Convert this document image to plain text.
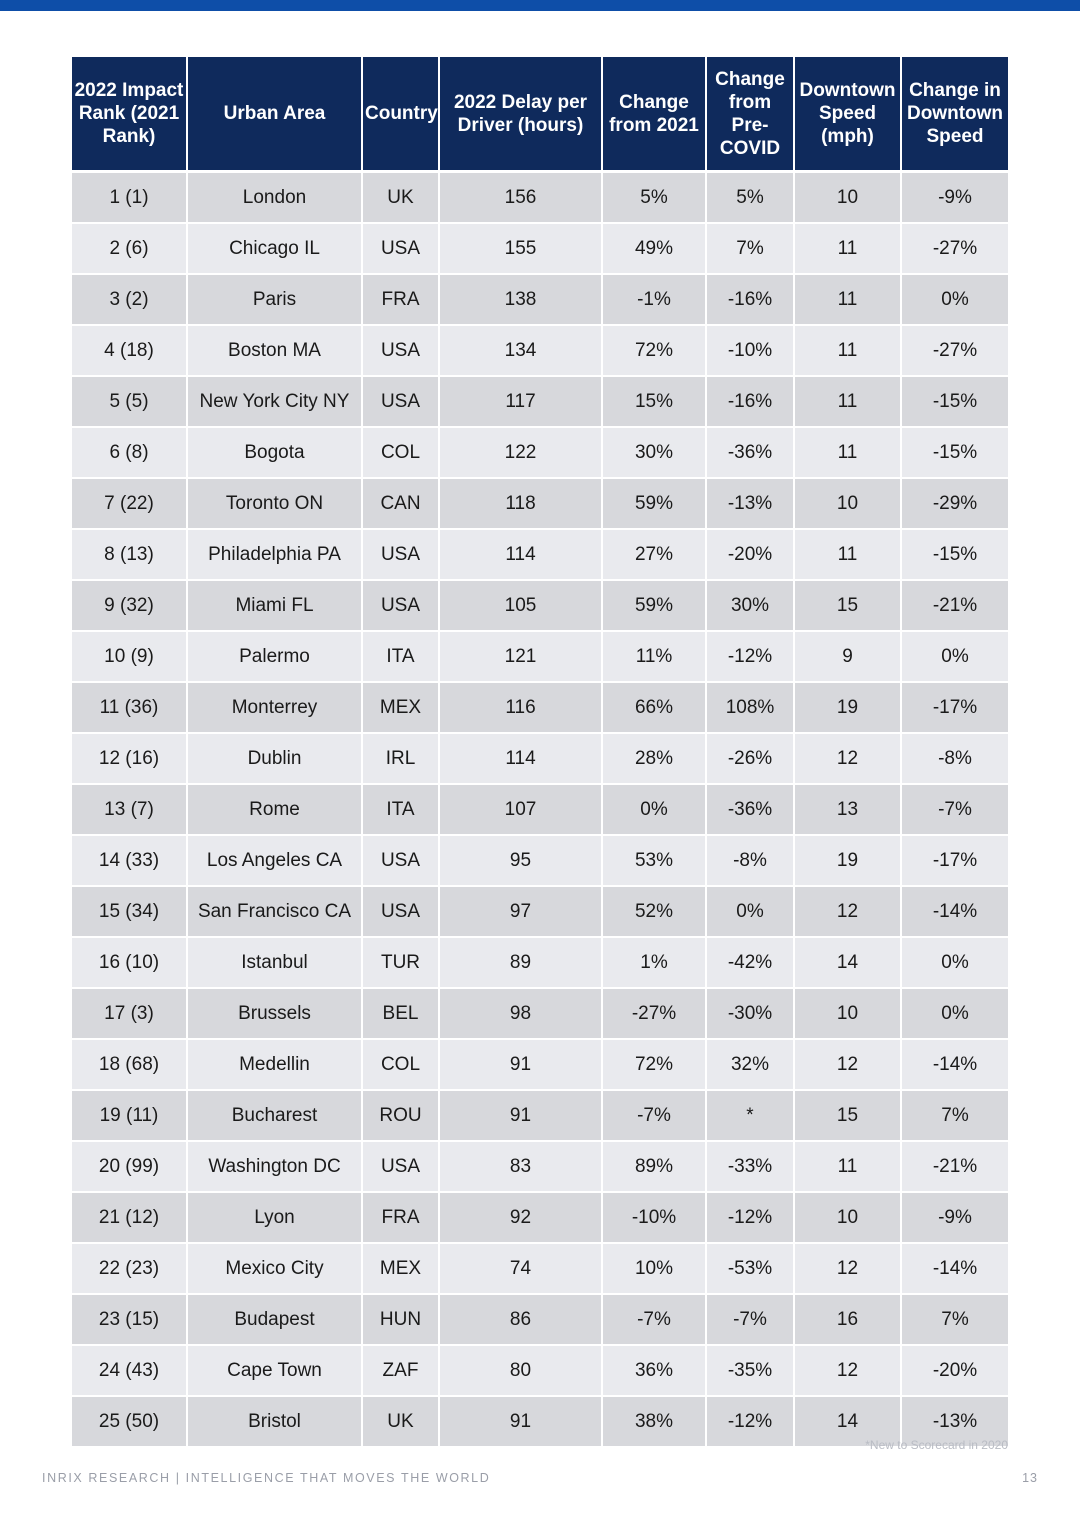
2022 Impact Rank (2021 Rank)	Urban Area	Country	2022 Delay per Driver (hours)	Change from 2021	Change from Pre-COVID	Downtown Speed (mph)	Change in Downtown Speed

1 (1)	London	UK	156	5%	5%	10	-9%
2 (6)	Chicago IL	USA	155	49%	7%	11	-27%
3 (2)	Paris	FRA	138	-1%	-16%	11	0%
4 (18)	Boston MA	USA	134	72%	-10%	11	-27%
5 (5)	New York City NY	USA	117	15%	-16%	11	-15%
6 (8)	Bogota	COL	122	30%	-36%	11	-15%
7 (22)	Toronto ON	CAN	118	59%	-13%	10	-29%
8 (13)	Philadelphia PA	USA	114	27%	-20%	11	-15%
9 (32)	Miami FL	USA	105	59%	30%	15	-21%
10 (9)	Palermo	ITA	121	11%	-12%	9	0%
11 (36)	Monterrey	MEX	116	66%	108%	19	-17%
12 (16)	Dublin	IRL	114	28%	-26%	12	-8%
13 (7)	Rome	ITA	107	0%	-36%	13	-7%
14 (33)	Los Angeles CA	USA	95	53%	-8%	19	-17%
15 (34)	San Francisco CA	USA	97	52%	0%	12	-14%
16 (10)	Istanbul	TUR	89	1%	-42%	14	0%
17 (3)	Brussels	BEL	98	-27%	-30%	10	0%
18 (68)	Medellin	COL	91	72%	32%	12	-14%
19 (11)	Bucharest	ROU	91	-7%	*	15	7%
20 (99)	Washington DC	USA	83	89%	-33%	11	-21%
21 (12)	Lyon	FRA	92	-10%	-12%	10	-9%
22 (23)	Mexico City	MEX	74	10%	-53%	12	-14%
23 (15)	Budapest	HUN	86	-7%	-7%	16	7%
24 (43)	Cape Town	ZAF	80	36%	-35%	12	-20%
25 (50)	Bristol	UK	91	38%	-12%	14	-13%
*New to Scorecard in 2020
INRIX RESEARCH | INTELLIGENCE THAT MOVES THE WORLD	13
